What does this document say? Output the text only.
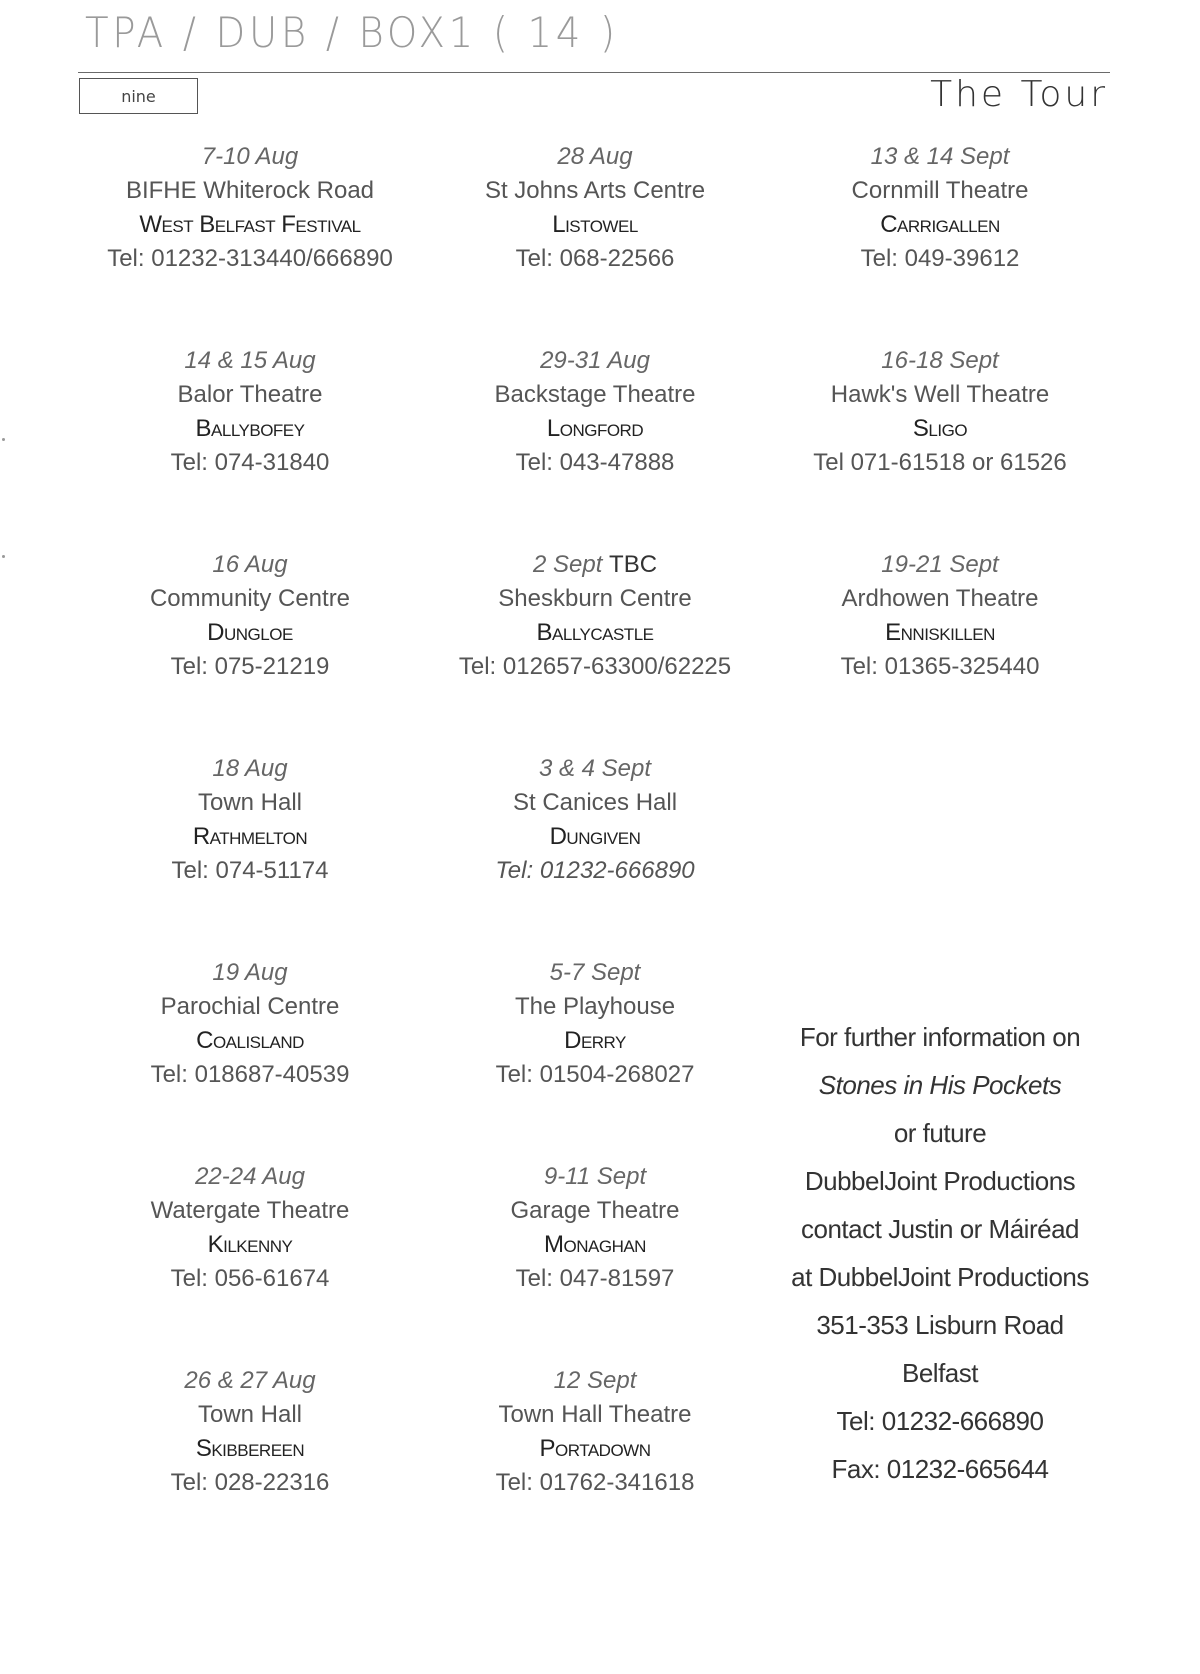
TPA / DUB / BOX1 ( 14 )
nine	The Tour
7-10 Aug
BIFHE Whiterock Road
West Belfast Festival
Tel: 01232-313440/666890
14 & 15 Aug
Balor Theatre
Ballybofey
Tel: 074-31840
16 Aug
Community Centre
Dungloe
Tel: 075-21219
18 Aug
Town Hall
Rathmelton
Tel: 074-51174
19 Aug
Parochial Centre
Coalisland
Tel: 018687-40539
22-24 Aug
Watergate Theatre
Kilkenny
Tel: 056-61674
26 & 27 Aug
Town Hall
Skibbereen
Tel: 028-22316
28 Aug
St Johns Arts Centre
Listowel
Tel: 068-22566
29-31 Aug
Backstage Theatre
Longford
Tel: 043-47888
2 Sept TBC
Sheskburn Centre
Ballycastle
Tel: 012657-63300/62225
3 & 4 Sept
St Canices Hall
Dungiven
Tel: 01232-666890
5-7 Sept
The Playhouse
Derry
Tel: 01504-268027
9-11 Sept
Garage Theatre
Monaghan
Tel: 047-81597
12 Sept
Town Hall Theatre
Portadown
Tel: 01762-341618
13 & 14 Sept
Cornmill Theatre
Carrigallen
Tel: 049-39612
16-18 Sept
Hawk's Well Theatre
Sligo
Tel 071-61518 or 61526
19-21 Sept
Ardhowen Theatre
Enniskillen
Tel: 01365-325440
For further information on
Stones in His Pockets
or future
DubbelJoint Productions
contact Justin or Máiréad
at DubbelJoint Productions
351-353 Lisburn Road
Belfast
Tel: 01232-666890
Fax: 01232-665644
